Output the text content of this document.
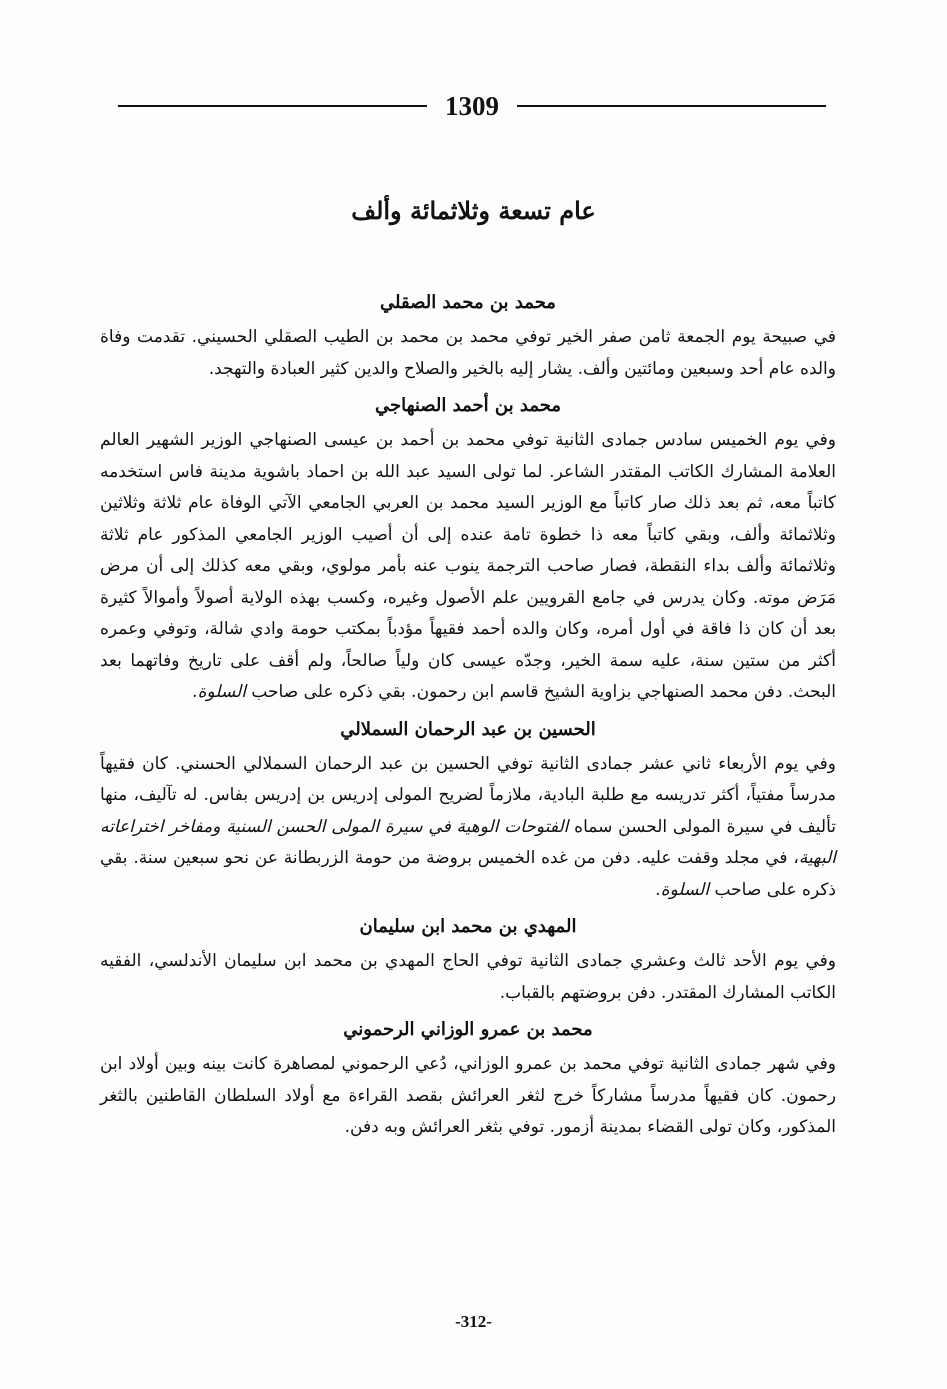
1309
عام تسعة وثلاثمائة وألف
محمد بن محمد الصقلي

في صبيحة يوم الجمعة ثامن صفر الخير توفي محمد بن محمد بن الطيب الصقلي الحسيني. تقدمت وفاة والده عام أحد وسبعين ومائتين وألف. يشار إليه بالخير والصلاح والدين كثير العبادة والتهجد.

محمد بن أحمد الصنهاجي

وفي يوم الخميس سادس جمادى الثانية توفي محمد بن أحمد بن عيسى الصنهاجي الوزير الشهير العالم العلامة المشارك الكاتب المقتدر الشاعر. لما تولى السيد عبد الله بن احماد باشوية مدينة فاس استخدمه كاتباً معه، ثم بعد ذلك صار كاتباً مع الوزير السيد محمد بن العربي الجامعي الآتي الوفاة عام ثلاثة وثلاثين وثلاثمائة وألف، وبقي كاتباً معه ذا خطوة تامة عنده إلى أن أصيب الوزير الجامعي المذكور عام ثلاثة وثلاثمائة وألف بداء النقطة، فصار صاحب الترجمة ينوب عنه بأمر مولوي، وبقي معه كذلك إلى أن مرض مَرَض موته. وكان يدرس في جامع القرويين علم الأصول وغيره، وكسب بهذه الولاية أصولاً وأموالاً كثيرة بعد أن كان ذا فاقة في أول أمره، وكان والده أحمد فقيهاً مؤدباً بمكتب حومة وادي شالة، وتوفي وعمره أكثر من ستين سنة، عليه سمة الخير، وجدّه عيسى كان ولياً صالحاً، ولم أقف على تاريخ وفاتهما بعد البحث. دفن محمد الصنهاجي بزاوية الشيخ قاسم ابن رحمون. بقي ذكره على صاحب السلوة.

الحسين بن عبد الرحمان السملالي

وفي يوم الأربعاء ثاني عشر جمادى الثانية توفي الحسين بن عبد الرحمان السملالي الحسني. كان فقيهاً مدرساً مفتياً، أكثر تدريسه مع طلبة البادية، ملازماً لضريح المولى إدريس بن إدريس بفاس. له تآليف، منها تأليف في سيرة المولى الحسن سماه الفتوحات الوهية في سيرة المولى الحسن السنية ومفاخر اختراعاته البهية، في مجلد وقفت عليه. دفن من غده الخميس بروضة من حومة الزربطانة عن نحو سبعين سنة. بقي ذكره على صاحب السلوة.

المهدي بن محمد ابن سليمان

وفي يوم الأحد ثالث وعشري جمادى الثانية توفي الحاج المهدي بن محمد ابن سليمان الأندلسي، الفقيه الكاتب المشارك المقتدر. دفن بروضتهم بالقباب.

محمد بن عمرو الوزاني الرحموني

وفي شهر جمادى الثانية توفي محمد بن عمرو الوزاني، دُعي الرحموني لمصاهرة كانت بينه وبين أولاد ابن رحمون. كان فقيهاً مدرساً مشاركاً خرج لثغر العرائش بقصد القراءة مع أولاد السلطان القاطنين بالثغر المذكور، وكان تولى القضاء بمدينة أزمور. توفي بثغر العرائش وبه دفن.

-312-
